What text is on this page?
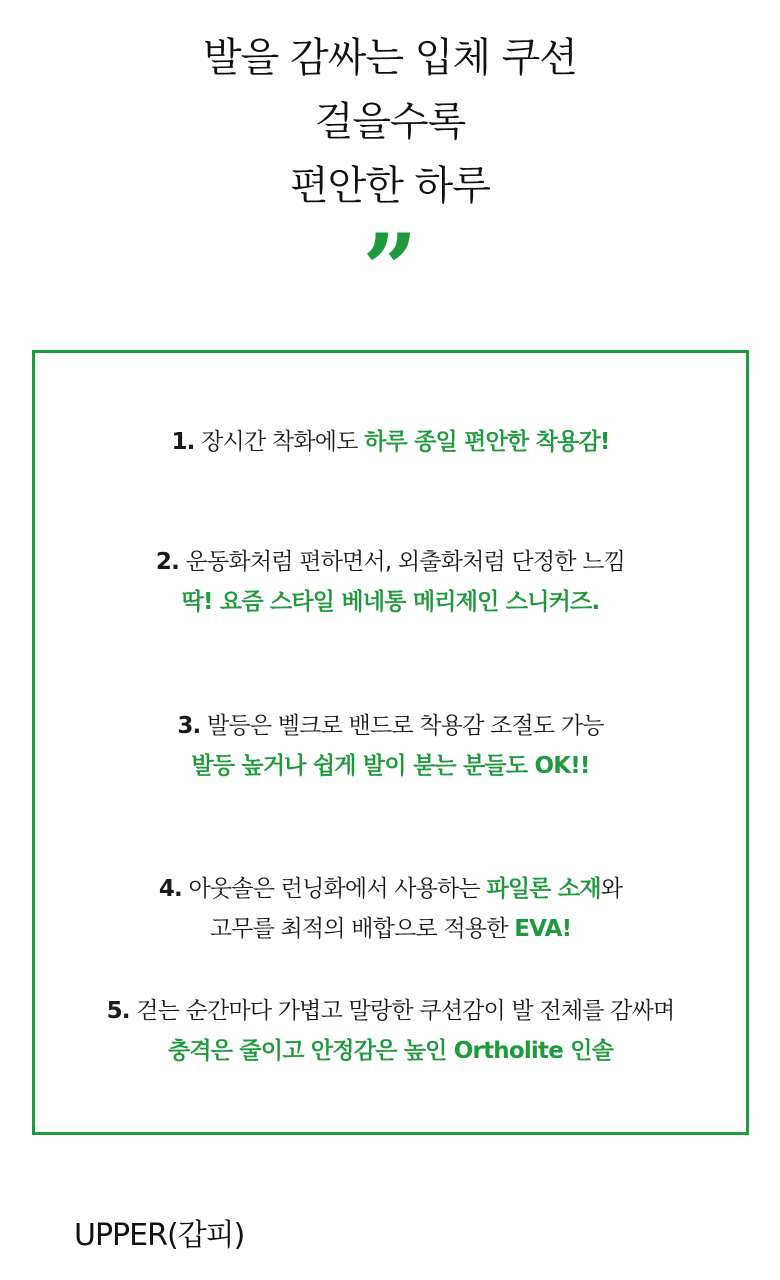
발을 감싸는 입체 쿠션
걸을수록
편안한 하루
”
1. 장시간 착화에도 하루 종일 편안한 착용감!
2. 운동화처럼 편하면서, 외출화처럼 단정한 느낌
딱! 요즘 스타일 베네통 메리제인 스니커즈.
3. 발등은 벨크로 밴드로 착용감 조절도 가능
발등 높거나 쉽게 발이 붇는 분들도 OK!!
4. 아웃솔은 런닝화에서 사용하는 파일론 소재와
고무를 최적의 배합으로 적용한 EVA!
5. 걷는 순간마다 가볍고 말랑한 쿠션감이 발 전체를 감싸며
충격은 줄이고 안정감은 높인 Ortholite 인솔
UPPER(갑피)
